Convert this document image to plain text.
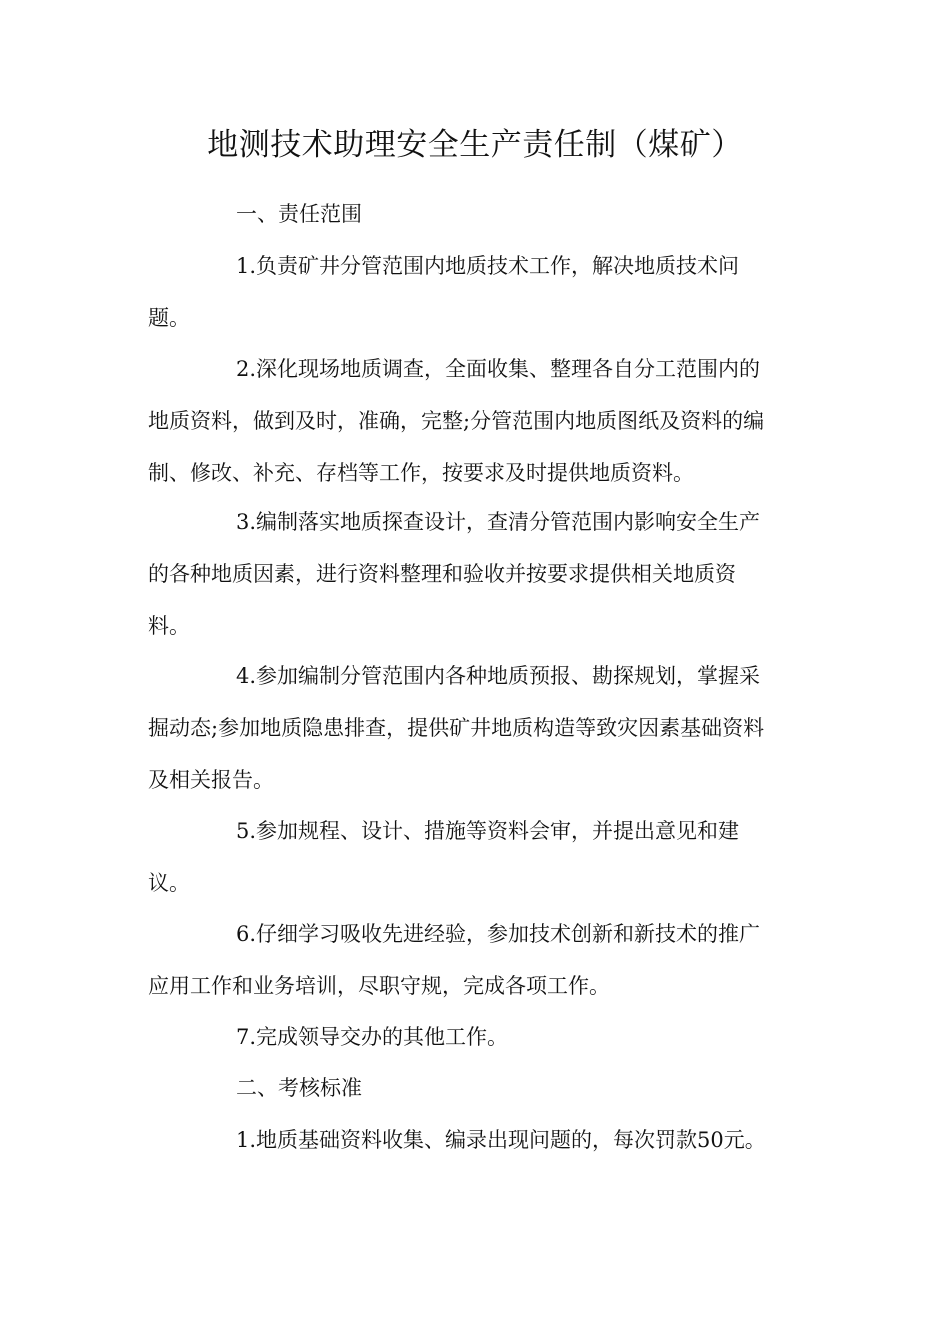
地测技术助理安全生产责任制（煤矿）

一、责任范围

1.负责矿井分管范围内地质技术工作，解决地质技术问
题。

2.深化现场地质调查，全面收集、整理各自分工范围内的
地质资料，做到及时，准确，完整;分管范围内地质图纸及资料的编
制、修改、补充、存档等工作，按要求及时提供地质资料。

3.编制落实地质探查设计，查清分管范围内影响安全生产
的各种地质因素，进行资料整理和验收并按要求提供相关地质资
料。

4.参加编制分管范围内各种地质预报、勘探规划，掌握采
掘动态;参加地质隐患排查，提供矿井地质构造等致灾因素基础资料
及相关报告。

5.参加规程、设计、措施等资料会审，并提出意见和建
议。

6.仔细学习吸收先进经验，参加技术创新和新技术的推广
应用工作和业务培训，尽职守规，完成各项工作。

7.完成领导交办的其他工作。

二、考核标准

1.地质基础资料收集、编录出现问题的，每次罚款50元。
